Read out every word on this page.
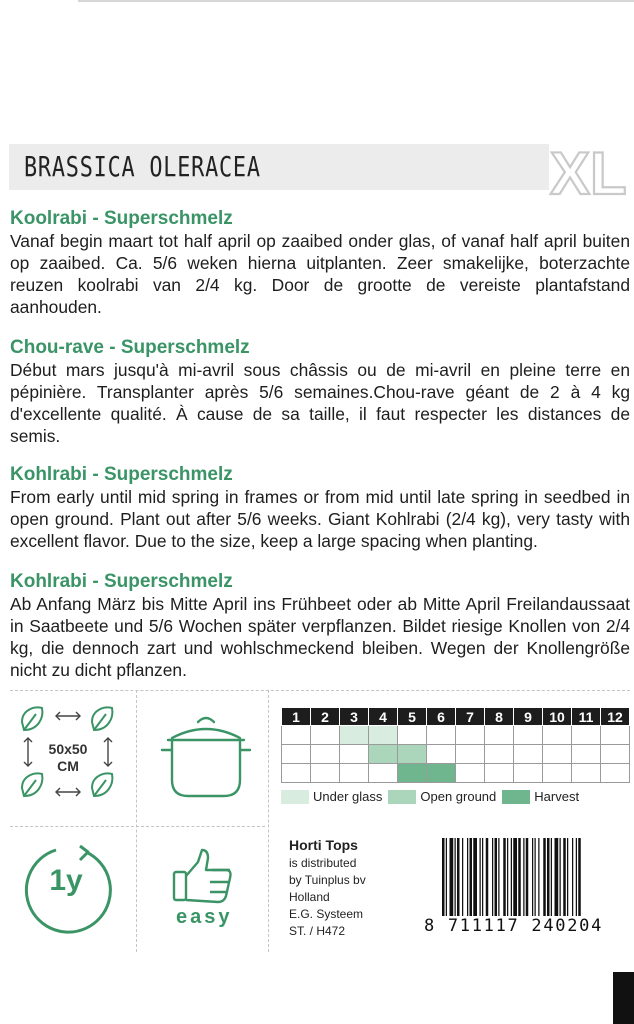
BRASSICA OLERACEA	XL
Koolrabi - Superschmelz
Vanaf begin maart tot half april op zaaibed onder glas, of vanaf half april buiten op zaaibed. Ca. 5/6 weken hierna uitplanten. Zeer smakelijke, boterzachte reuzen koolrabi van 2/4 kg. Door de grootte de vereiste plantafstand aanhouden.
Chou-rave - Superschmelz
Début mars jusqu'à mi-avril sous châssis ou de mi-avril en pleine terre en pépinière. Transplanter après 5/6 semaines.Chou-rave géant de 2 à 4 kg d'excellente qualité. À cause de sa taille, il faut respecter les distances de semis.
Kohlrabi - Superschmelz
From early until mid spring in frames or from mid until late spring in seedbed in open ground. Plant out after 5/6 weeks. Giant Kohlrabi (2/4 kg), very tasty with excellent flavor. Due to the size, keep a large spacing when planting.
Kohlrabi - Superschmelz
Ab Anfang März bis Mitte April ins Frühbeet oder ab Mitte April Freilandaussaat in Saatbeete und 5/6 Wochen später verpflanzen. Bildet riesige Knollen von 2/4 kg, die dennoch zart und wohlschmeckend bleiben. Wegen der Knollengröße nicht zu dicht pflanzen.
50x50
CM
1y
easy
1	2	3	4	5	6	7	8	9	10	11	12

Under glass	Open ground	Harvest
Horti Tops
is distributed
by Tuinplus bv
Holland
E.G. Systeem
ST. / H472	8 711117 240204
